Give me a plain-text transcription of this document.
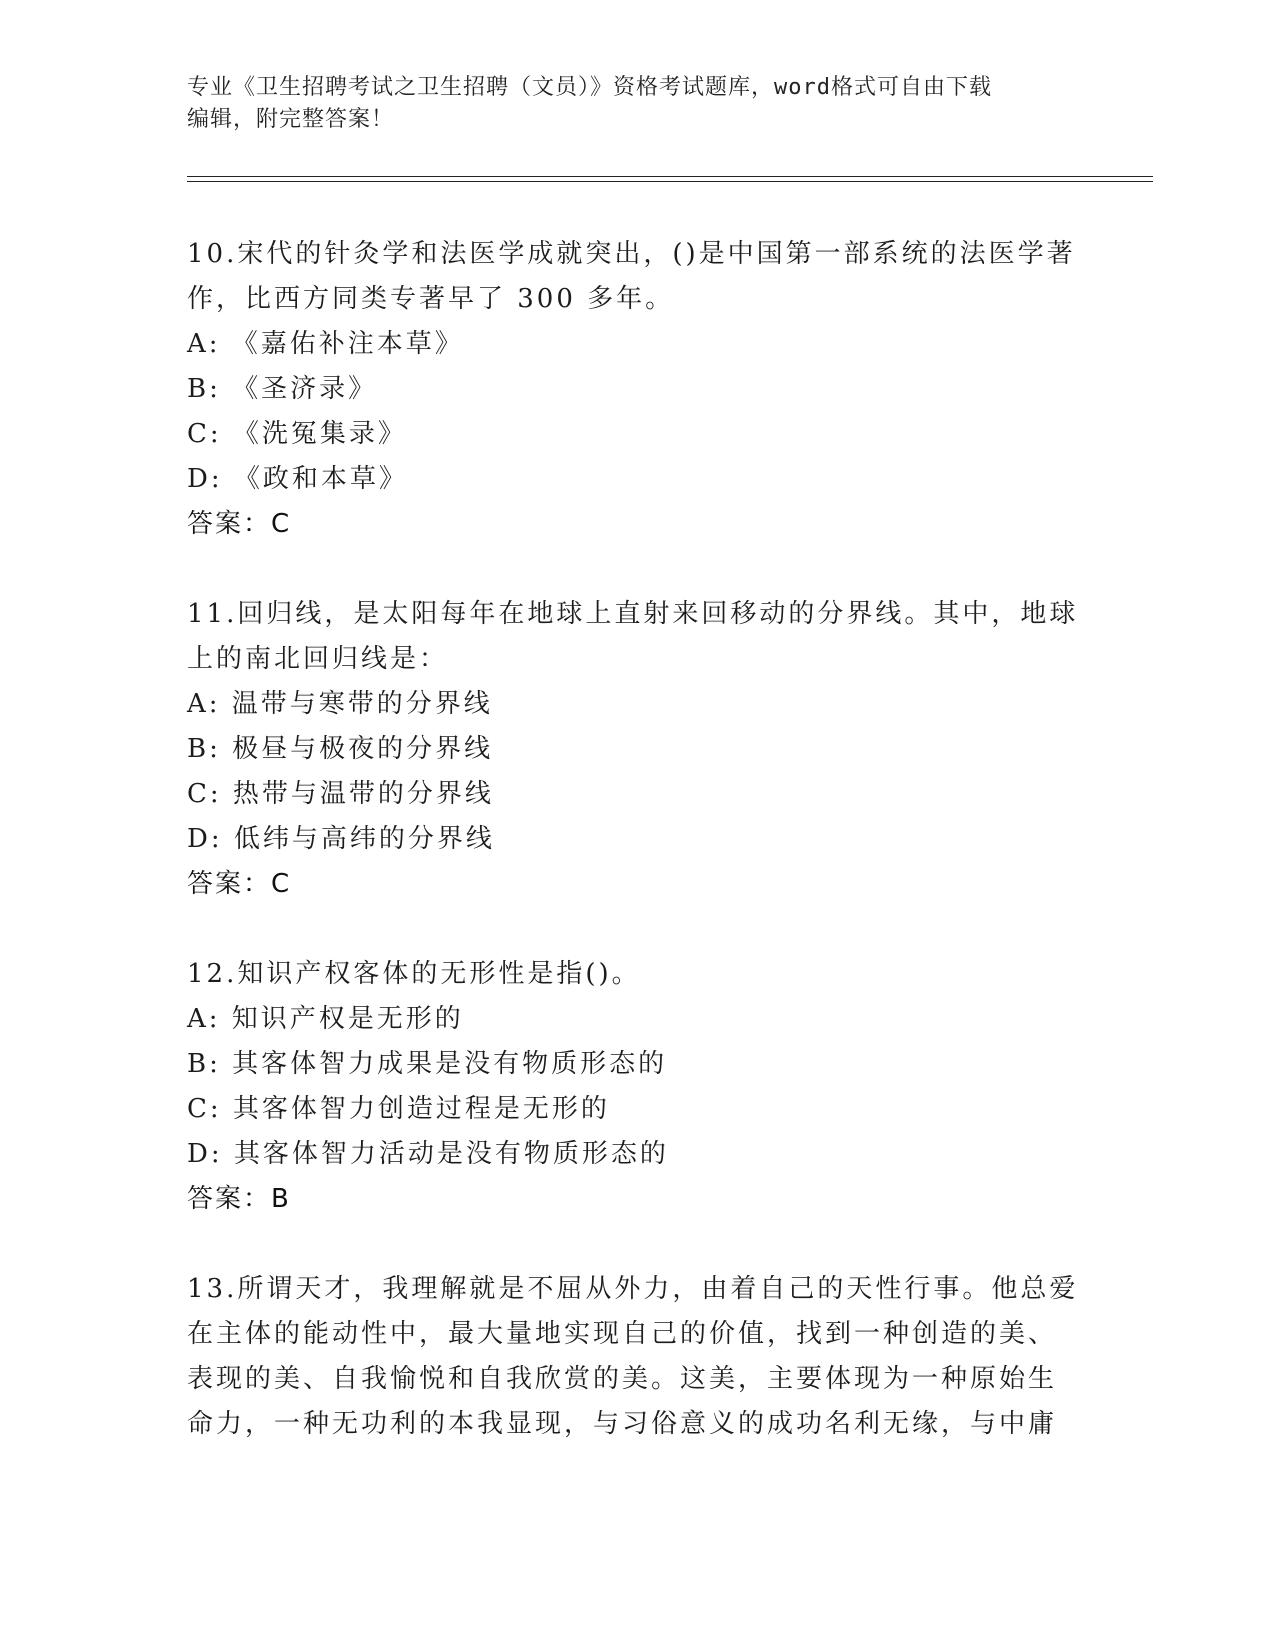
专业《卫生招聘考试之卫生招聘（文员）》资格考试题库，word格式可自由下载
编辑，附完整答案！
10.宋代的针灸学和法医学成就突出，()是中国第一部系统的法医学著
作，比西方同类专著早了 300 多年。
A: 《嘉佑补注本草》
B: 《圣济录》
C: 《洗冤集录》
D: 《政和本草》
答案：C
11.回归线，是太阳每年在地球上直射来回移动的分界线。其中，地球
上的南北回归线是：
A: 温带与寒带的分界线
B: 极昼与极夜的分界线
C: 热带与温带的分界线
D: 低纬与高纬的分界线
答案：C
12.知识产权客体的无形性是指()。
A: 知识产权是无形的
B: 其客体智力成果是没有物质形态的
C: 其客体智力创造过程是无形的
D: 其客体智力活动是没有物质形态的
答案：B
13.所谓天才，我理解就是不屈从外力，由着自己的天性行事。他总爱
在主体的能动性中，最大量地实现自己的价值，找到一种创造的美、
表现的美、自我愉悦和自我欣赏的美。这美，主要体现为一种原始生
命力，一种无功利的本我显现，与习俗意义的成功名利无缘，与中庸
